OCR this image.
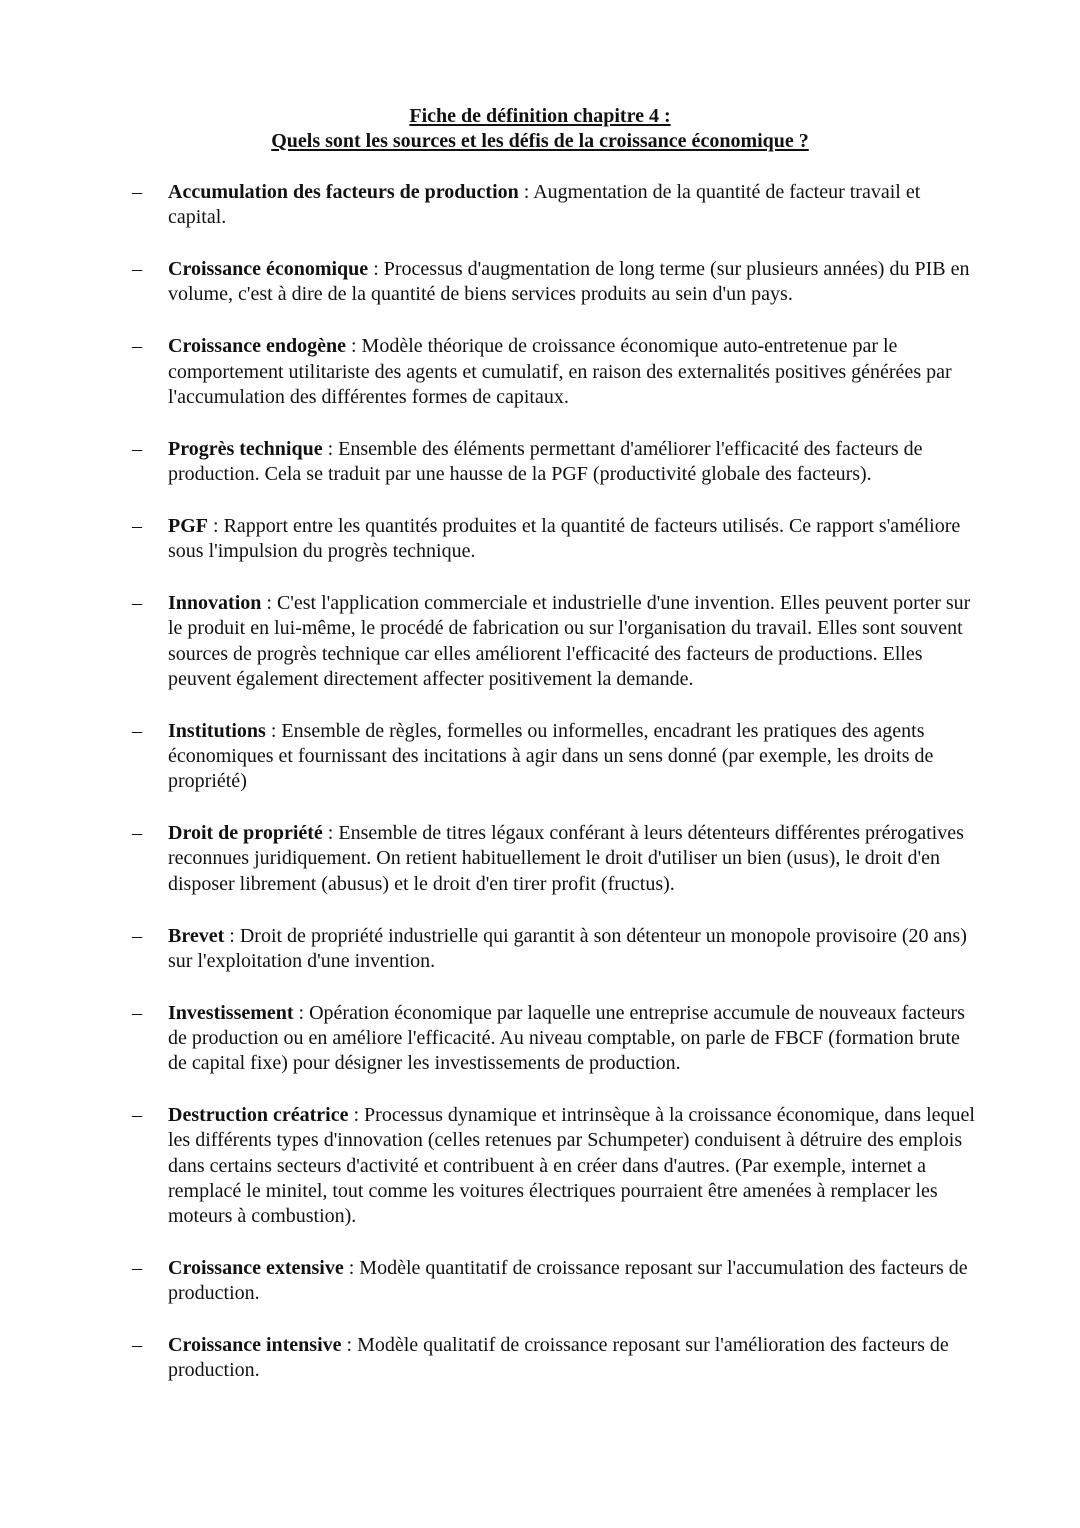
Fiche de définition chapitre 4 :
Quels sont les sources et les défis de la croissance économique ?
– Accumulation des facteurs de production : Augmentation de la quantité de facteur travail et capital.
– Croissance économique : Processus d'augmentation de long terme (sur plusieurs années) du PIB en volume, c'est à dire de la quantité de biens services produits au sein d'un pays.
– Croissance endogène : Modèle théorique de croissance économique auto-entretenue par le comportement utilitariste des agents et cumulatif, en raison des externalités positives générées par l'accumulation des différentes formes de capitaux.
– Progrès technique : Ensemble des éléments permettant d'améliorer l'efficacité des facteurs de production. Cela se traduit par une hausse de la PGF (productivité globale des facteurs).
– PGF : Rapport entre les quantités produites et la quantité de facteurs utilisés. Ce rapport s'améliore sous l'impulsion du progrès technique.
– Innovation : C'est l'application commerciale et industrielle d'une invention. Elles peuvent porter sur le produit en lui-même, le procédé de fabrication ou sur l'organisation du travail. Elles sont souvent sources de progrès technique car elles améliorent l'efficacité des facteurs de productions. Elles peuvent également directement affecter positivement la demande.
– Institutions : Ensemble de règles, formelles ou informelles, encadrant les pratiques des agents économiques et fournissant des incitations à agir dans un sens donné (par exemple, les droits de propriété)
– Droit de propriété : Ensemble de titres légaux conférant à leurs détenteurs différentes prérogatives reconnues juridiquement. On retient habituellement le droit d'utiliser un bien (usus), le droit d'en disposer librement (abusus) et le droit d'en tirer profit (fructus).
– Brevet : Droit de propriété industrielle qui garantit à son détenteur un monopole provisoire (20 ans) sur l'exploitation d'une invention.
– Investissement : Opération économique par laquelle une entreprise accumule de nouveaux facteurs de production ou en améliore l'efficacité. Au niveau comptable, on parle de FBCF (formation brute de capital fixe) pour désigner les investissements de production.
– Destruction créatrice : Processus dynamique et intrinsèque à la croissance économique, dans lequel les différents types d'innovation (celles retenues par Schumpeter) conduisent à détruire des emplois dans certains secteurs d'activité et contribuent à en créer dans d'autres. (Par exemple, internet a remplacé le minitel, tout comme les voitures électriques pourraient être amenées à remplacer les moteurs à combustion).
– Croissance extensive : Modèle quantitatif de croissance reposant sur l'accumulation des facteurs de production.
– Croissance intensive : Modèle qualitatif de croissance reposant sur l'amélioration des facteurs de production.
